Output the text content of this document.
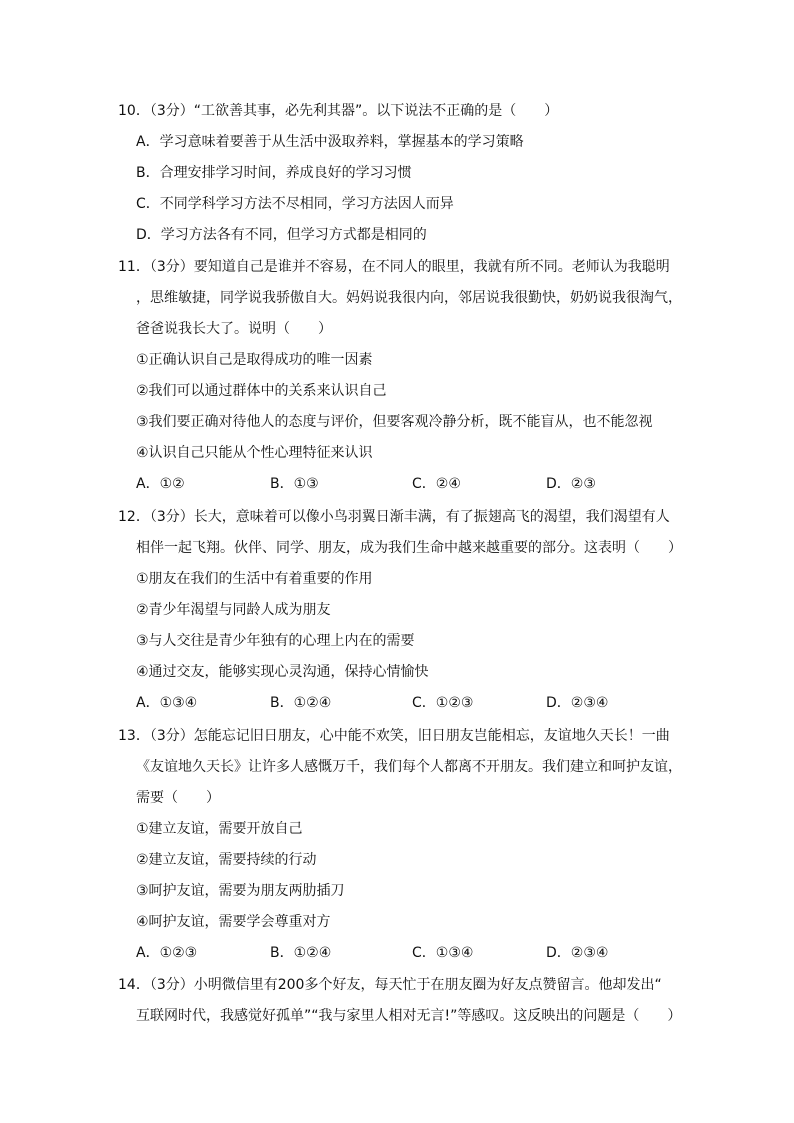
10．（3分）“工欲善其事，必先利其器”。以下说法不正确的是（　　）
A．学习意味着要善于从生活中汲取养料，掌握基本的学习策略
B．合理安排学习时间，养成良好的学习习惯
C．不同学科学习方法不尽相同，学习方法因人而异
D．学习方法各有不同，但学习方式都是相同的
11．（3分）要知道自己是谁并不容易，在不同人的眼里，我就有所不同。老师认为我聪明
，思维敏捷，同学说我骄傲自大。妈妈说我很内向，邻居说我很勤快，奶奶说我很淘气，
爸爸说我长大了。说明（　　）
①正确认识自己是取得成功的唯一因素
②我们可以通过群体中的关系来认识自己
③我们要正确对待他人的态度与评价，但要客观冷静分析，既不能盲从，也不能忽视
④认识自己只能从个性心理特征来认识
A．①②	B．①③	C．②④	D．②③
12．（3分）长大，意味着可以像小鸟羽翼日渐丰满，有了振翅高飞的渴望，我们渴望有人
相伴一起飞翔。伙伴、同学、朋友，成为我们生命中越来越重要的部分。这表明（　　）
①朋友在我们的生活中有着重要的作用
②青少年渴望与同龄人成为朋友
③与人交往是青少年独有的心理上内在的需要
④通过交友，能够实现心灵沟通，保持心情愉快
A．①③④	B．①②④	C．①②③	D．②③④
13．（3分）怎能忘记旧日朋友，心中能不欢笑，旧日朋友岂能相忘，友谊地久天长！一曲
《友谊地久天长》让许多人感慨万千，我们每个人都离不开朋友。我们建立和呵护友谊，
需要（　　）
①建立友谊，需要开放自己
②建立友谊，需要持续的行动
③呵护友谊，需要为朋友两肋插刀
④呵护友谊，需要学会尊重对方
A．①②③	B．①②④	C．①③④	D．②③④
14．（3分）小明微信里有200多个好友，每天忙于在朋友圈为好友点赞留言。他却发出“
互联网时代，我感觉好孤单”“我与家里人相对无言!”等感叹。这反映出的问题是（　　）
